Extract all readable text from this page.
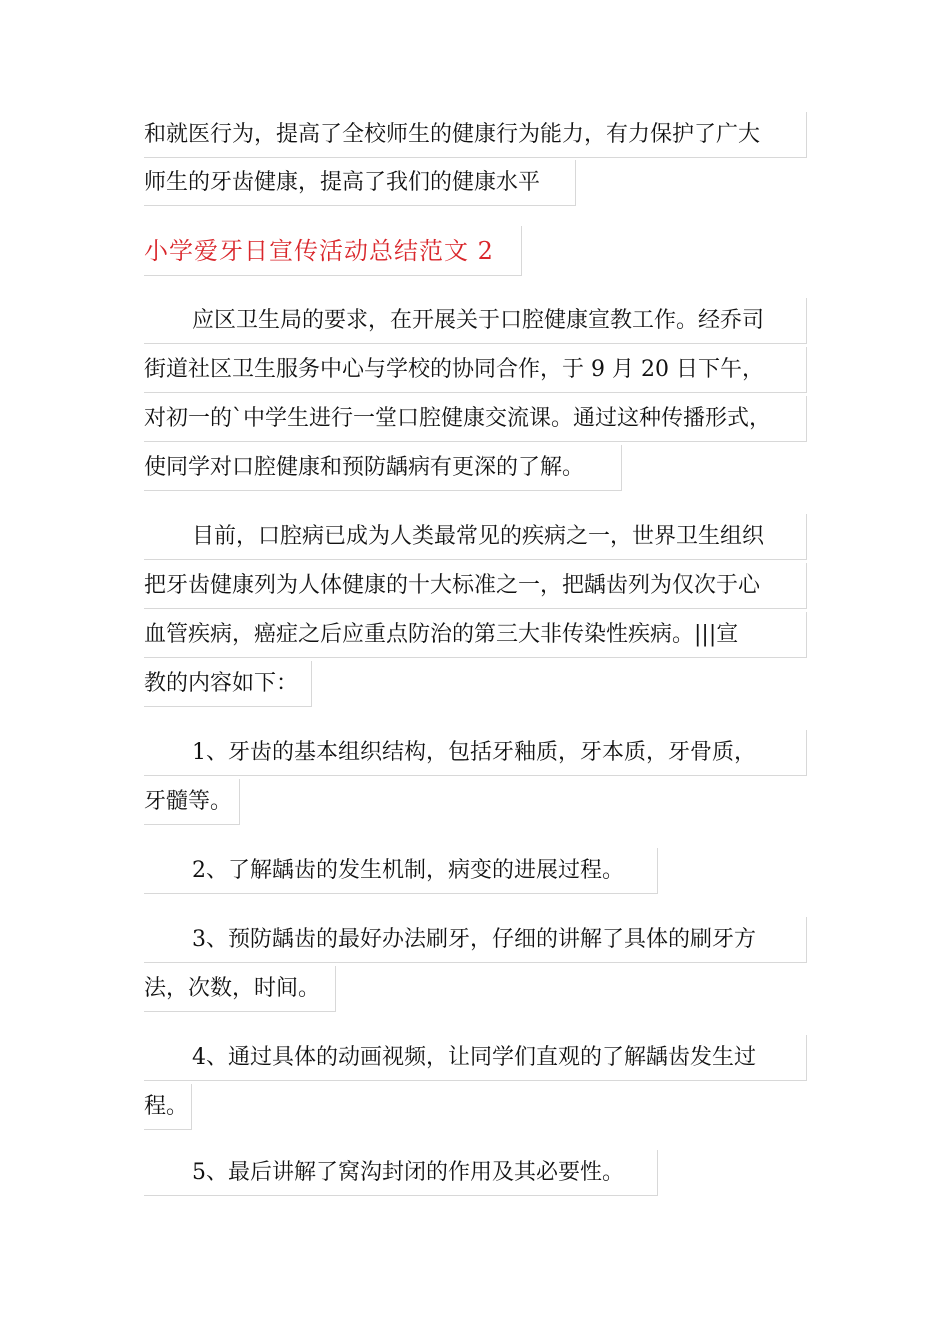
和就医行为，提高了全校师生的健康行为能力，有力保护了广大
师生的牙齿健康，提高了我们的健康水平
小学爱牙日宣传活动总结范文 2
应区卫生局的要求，在开展关于口腔健康宣教工作。经乔司
街道社区卫生服务中心与学校的协同合作，于 9 月 20 日下午，
对初一的`中学生进行一堂口腔健康交流课。通过这种传播形式，
使同学对口腔健康和预防龋病有更深的了解。
目前，口腔病已成为人类最常见的疾病之一，世界卫生组织
把牙齿健康列为人体健康的十大标准之一，把龋齿列为仅次于心
血管疾病，癌症之后应重点防治的第三大非传染性疾病。|||宣
教的内容如下：
1、牙齿的基本组织结构，包括牙釉质，牙本质，牙骨质，
牙髓等。
2、了解龋齿的发生机制，病变的进展过程。
3、预防龋齿的最好办法刷牙，仔细的讲解了具体的刷牙方
法，次数，时间。
4、通过具体的动画视频，让同学们直观的了解龋齿发生过
程。
5、最后讲解了窝沟封闭的作用及其必要性。
